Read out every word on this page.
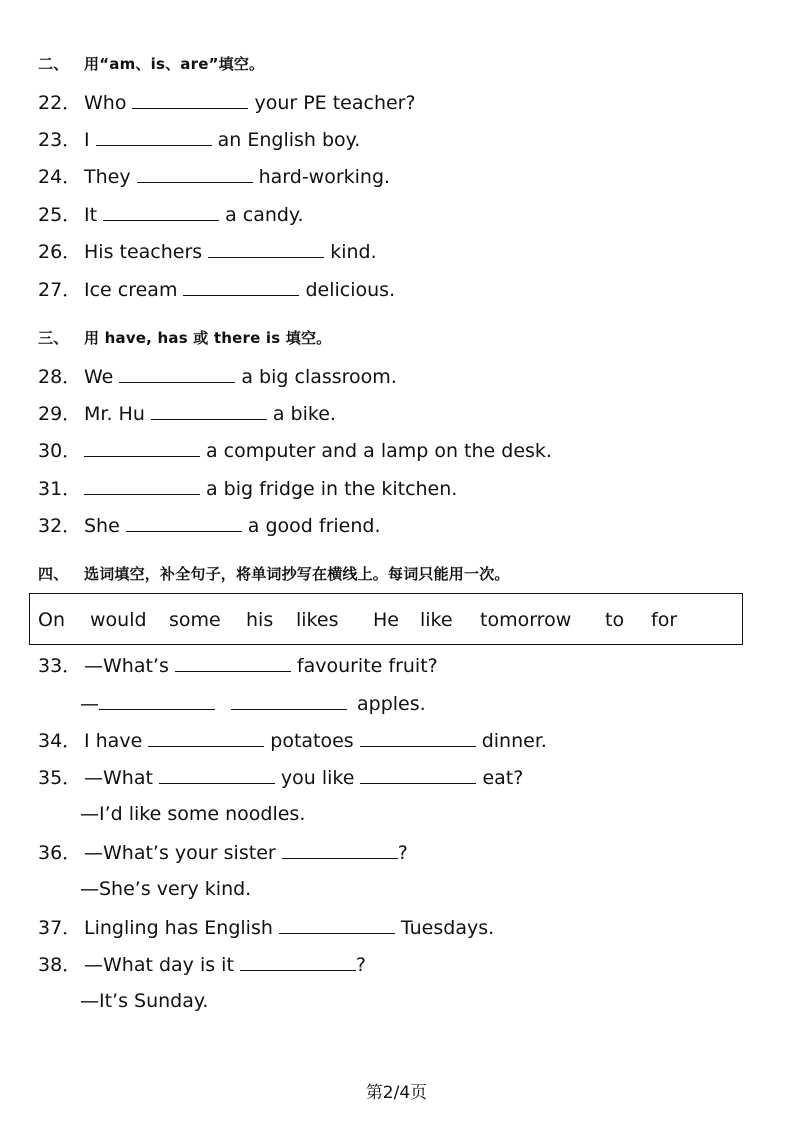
二、 用“am、is、are”填空。
22． Who	your PE teacher?
23． I	an English boy.
24． They	hard-working.
25． It	a candy.
26． His teachers	kind.
27． Ice cream	delicious.
三、 用 have, has 或 there is 填空。
28． We	a big classroom.
29． Mr. Hu	a bike.
30．	a computer and a lamp on the desk.
31．	a big fridge in the kitchen.
32． She	a good friend.
四、 选词填空，补全句子，将单词抄写在横线上。每词只能用一次。
On would some his likes He like tomorrow to for
33． —What’s	favourite fruit?
—	apples.
34． I have	potatoes	dinner.
35． —What	you like	eat?
—I’d like some noodles.
36． —What’s your sister	?
—She’s very kind.
37． Lingling has English	Tuesdays.
38． —What day is it	?
—It’s Sunday.
第2/4页
